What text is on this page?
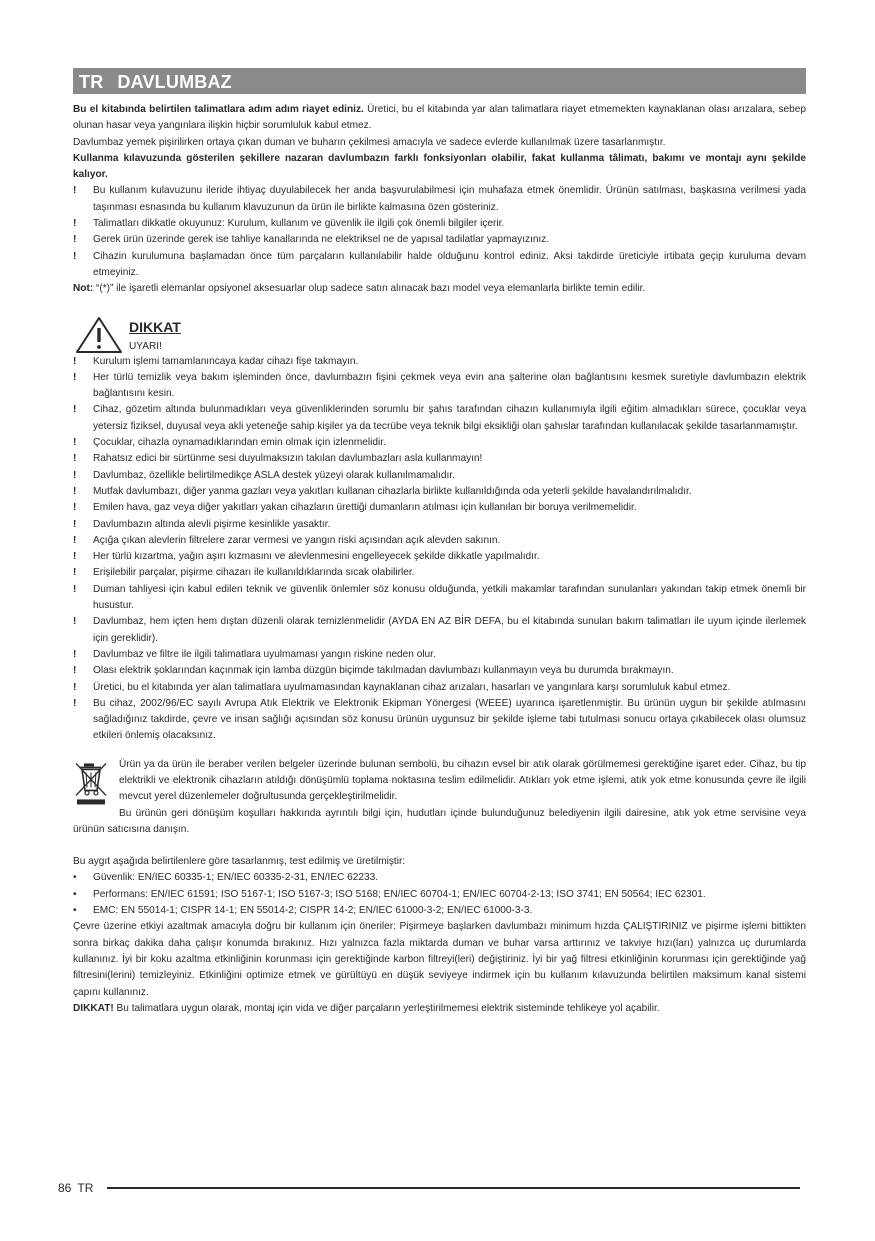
TR DAVLUMBAZ

Bu el kitabında belirtilen talimatlara adım adım riayet ediniz. Üretici, bu el kitabında yar alan talimatlara riayet etmemekten kaynaklanan olası arızalara, sebep olunan hasar veya yangınlara ilişkin hiçbir sorumluluk kabul etmez.

Davlumbaz yemek pişirilirken ortaya çıkan duman ve buharın çekilmesi amacıyla ve sadece evlerde kullanılmak üzere tasarlanmıştır.

Kullanma kılavuzunda gösterilen şekillere nazaran davlumbazın farklı fonksiyonları olabilir, fakat kullanma tâlimatı, bakımı ve montajı aynı şekilde kalıyor.

!	Bu kullanım kulavuzunu ileride ihtiyaç duyulabilecek her anda başvurulabilmesi için muhafaza etmek önemlidir. Ürünün satılması, başkasına verilmesi yada taşınması esnasında bu kullanım klavuzunun da ürün ile birlikte kalmasına özen gösteriniz.
!	Talimatları dikkatle okuyunuz: Kurulum, kullanım ve güvenlik ile ilgili çok önemli bilgiler içerir.
!	Gerek ürün üzerinde gerek ise tahliye kanallarında ne elektriksel ne de yapısal tadilatlar yapmayızınız.
!	Cihazin kurulumuna başlamadan önce tüm parçaların kullanılabilir halde olduğunu kontrol ediniz. Aksi takdirde üreticiyle irtibata geçip kuruluma devam etmeyiniz.

Not: “(*)” ile işaretli elemanlar opsiyonel aksesuarlar olup sadece satın alınacak bazı model veya elemanlarla birlikte temin edilir.

DIKKAT
UYARI!
!	Kurulum işlemi tamamlanıncaya kadar cihazı fişe takmayın.
!	Her türlü temizlik veya bakım işleminden önce, davlumbazın fişini çekmek veya evin ana şalterine olan bağlantısını kesmek suretiyle davlumbazın elektrik bağlantısını kesin.
!	Cihaz, gözetim altında bulunmadıkları veya güvenliklerinden sorumlu bir şahıs tarafından cihazın kullanımıyla ilgili eğitim almadıkları sürece, çocuklar veya yetersiz fiziksel, duyusal veya akli yeteneğe sahip kişiler ya da tecrübe veya teknik bilgi eksikliği olan şahıslar tarafından kullanılacak şekilde tasarlanmamıştır.
!	Çocuklar, cihazla oynamadıklarından emin olmak için izlenmelidir.
!	Rahatsız edici bir sürtünme sesi duyulmaksızın takılan davlumbazları asla kullanmayın!
!	Davlumbaz, özellikle belirtilmedikçe ASLA destek yüzeyi olarak kullanılmamalıdır.
!	Mutfak davlumbazı, diğer yanma gazları veya yakıtları kullanan cihazlarla birlikte kullanıldığında oda yeterli şekilde havalandırılmalıdır.
!	Emilen hava, gaz veya diğer yakıtları yakan cihazların ürettiği dumanların atılması için kullanılan bir boruya verilmemelidir.
!	Davlumbazın altında alevli pişirme kesinlikle yasaktır.
!	Açığa çıkan alevlerin filtrelere zarar vermesi ve yangın riski açısından açık alevden sakının.
!	Her türlü kızartma, yağın aşırı kızmasını ve alevlenmesini engelleyecek şekilde dikkatle yapılmalıdır.
!	Erişilebilir parçalar, pişirme cihazarı ile kullanıldıklarında sıcak olabilirler.
!	Duman tahliyesi için kabul edilen teknik ve güvenlik önlemler söz konusu olduğunda, yetkili makamlar tarafından sunulanları yakından takip etmek önemli bir husustur.
!	Davlumbaz, hem içten hem dıştan düzenli olarak temizlenmelidir (AYDA EN AZ BİR DEFA, bu el kitabında sunulan bakım talimatları ile uyum içinde ilerlemek için gereklidir).
!	Davlumbaz ve filtre ile ilgili talimatlara uyulmaması yangın riskine neden olur.
!	Olası elektrik şoklarından kaçınmak için lamba düzgün biçimde takılmadan davlumbazı kullanmayın veya bu durumda bırakmayın.
!	Üretici, bu el kitabında yer alan talimatlara uyulmamasından kaynaklanan cihaz arızaları, hasarları ve yangınlara karşı sorumluluk kabul etmez.
!	Bu cihaz, 2002/96/EC sayılı Avrupa Atık Elektrik ve Elektronik Ekipman Yönergesi (WEEE) uyarınca işaretlenmiştir. Bu ürünün uygun bir şekilde atılmasını sağladığınız takdirde, çevre ve insan sağlığı açısından söz konusu ürünün uygunsuz bir şekilde işleme tabi tutulması sonucu ortaya çıkabilecek olası olumsuz etkileri önlemiş olacaksınız.

Ürün ya da ürün ile beraber verilen belgeler üzerinde bulunan sembolü, bu cihazın evsel bir atık olarak görülmemesi gerektiğine işaret eder. Cihaz, bu tip elektrikli ve elektronik cihazların atıldığı dönüşümlü toplama noktasına teslim edilmelidir. Atıkları yok etme işlemi, atık yok etme konusunda çevre ile ilgili mevcut yerel düzenlemeler doğrultusunda gerçekleştirilmelidir.

Bu ürünün geri dönüşüm koşulları hakkında ayrıntılı bilgi için, hudutları içinde bulunduğunuz belediyenin ilgili dairesine, atık yok etme servisine veya ürünün satıcısına danışın.

Bu aygıt aşağıda belirtilenlere göre tasarlanmış, test edilmiş ve üretilmiştir:

•	Güvenlik: EN/IEC 60335-1; EN/IEC 60335-2-31, EN/IEC 62233.
•	Performans: EN/IEC 61591; ISO 5167-1; ISO 5167-3; ISO 5168; EN/IEC 60704-1; EN/IEC 60704-2-13; ISO 3741; EN 50564; IEC 62301.
•	EMC: EN 55014-1; CISPR 14-1; EN 55014-2; CISPR 14-2; EN/IEC 61000-3-2; EN/IEC 61000-3-3.

Çevre üzerine etkiyi azaltmak amacıyla doğru bir kullanım için öneriler: Pişirmeye başlarken davlumbazı minimum hızda ÇALIŞTIRINIZ ve pişirme işlemi bittikten sonra birkaç dakika daha çalışır konumda bırakınız. Hızı yalnızca fazla miktarda duman ve buhar varsa arttırınız ve takviye hızı(ları) yalnızca uç durumlarda kullanınız. İyi bir koku azaltma etkinliğinin korunması için gerektiğinde karbon filtreyi(leri) değiştiriniz. İyi bir yağ filtresi etkinliğinin korunması için gerektiğinde yağ filtresini(lerini) temizleyiniz. Etkinliğini optimize etmek ve gürültüyü en düşük seviyeye indirmek için bu kullanım kılavuzunda belirtilen maksimum kanal sistemi çapını kullanınız.

DIKKAT! Bu talimatlara uygun olarak, montaj için vida ve diğer parçaların yerleştirilmemesi elektrik sisteminde tehlikeye yol açabilir.

86 TR
